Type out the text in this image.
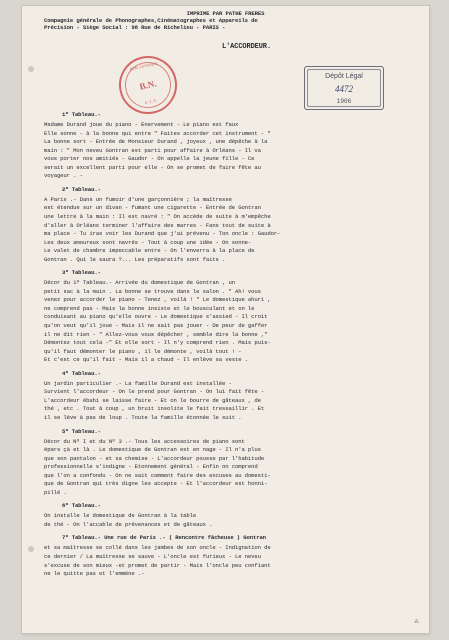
IMPRIME PAR PATHE FRERES
Compagnie générale de Phonographes,Cinématographes et Appareils de
Précision - Siège Social : 98 Rue de Richelieu - PARIS -
BIBLIOTHEQUE
B.N.
D.I.P.
L'ACCORDEUR.
Dépôt Légal
4472
1906
1º Tableau.-
Madame Durand joue du piano - Enervement - Le piano est faux
Elle sonne - à la bonne qui entre " Faites accorder cet instrument - "
La bonne sort - Entrée de Monsieur Durand , joyeux , une dépêche à la
main : " Mon neveu Gontran est parti pour affaire à Orléans - Il va
vous porter nos amitiés - Gaudor - On appelle la jeune fille - Ce
serait un excellent parti pour elle - On se promet de faire fête au
voyageur . -
2º Tableau.-
A Paris .- Dans un fumoir d'une garçonnière ; la maîtresse
est étendue sur un divan - fumant une cigarette - Entrée de Gontran
une lettre à la main : Il est navré : " On accède de suite à m'empêche
d'aller à Orléans terminer l'affaire des marres - Fans tout de suite à
ma place - Tu iras voir les Durand que j'ai prévenu - Ton oncle : Gaudor-
Les deux amoureux sont navrés - Tout à coup une idée - On sonne-
Le valet de chambre impeccable entre - On l'enverra à la place de
Gontran . Qui le saura ?... Les préparatifs sont faits .
3º Tableau.-
Décor du 1º Tableau.- Arrivée du domestique de Gontran , un
petit sac à la main . La bonne se trouve dans le salon . " Ah! vous
venez pour accorder le piano - Tenez , voilà ! " Le domestique ahuri ,
ne comprend pas - Mais la bonne insiste et le bousculant et on le
conduisant au piano qu'elle ouvre - Le domestique s'assied - Il croit
qu'on veut qu'il joue - Mais il ne sait pas jouer - De peur de gaffer
il ne dit rien - " Allez-vous vous dépêcher , semble dire la bonne ,"
Démontez tout cela -" Et elle sort - Il n'y comprend rien . Mais puis-
qu'il faut démonter le piano , il le démonte , voilà tout ! -
Et c'est ce qu'il fait - Mais il a chaud - Il enlève sa veste .
4º Tableau.-
Un jardin particulier .- La famille Durand est installée -
Survient l'accordeur - On le prend pour Gontran - On lui fait fête -
L'accordeur ébahi se laisse faire - Et on le bourre de gâteaux , de
thé , etc . Tout à coup , un bruit insolite le fait tressaillir . Et
il se lève à pas de loup . Toute la famille étonnée le suit .
5º Tableau.-
Décor du Nº I et du Nº 3 .- Tous les accessoires de piano sont
épars çà et là . Le domestique de Gontran est en nage - Il n'a plus
que son pantalon - et sa chemise - L'accordeur pousse par l'habitude
professionnelle s'indigne - Etonnement général - Enfin on comprend
que l'on a confondu - On ne sait comment faire des excuses au domesti-
que de Gontran qui très digne les accepte - Et l'accordeur est honni-
pillé .
6º Tableau.-
On installe le domestique de Gontran à la table
de thé - On l'accable de prévenances et de gâteaux .
7º Tableau.- Une rue de Paris .- ( Rencontre fâcheuse ) Gontran
et sa maîtresse se collé dans les jambes de son oncle - Indignation de
ce dernier / La maîtresse se sauve - L'oncle est furieux - Le neveu
s'excuse de son mieux -et promet de partir - Mais l'oncle peu confiant
ne le quitte pas et l'emmène .-
⁂
